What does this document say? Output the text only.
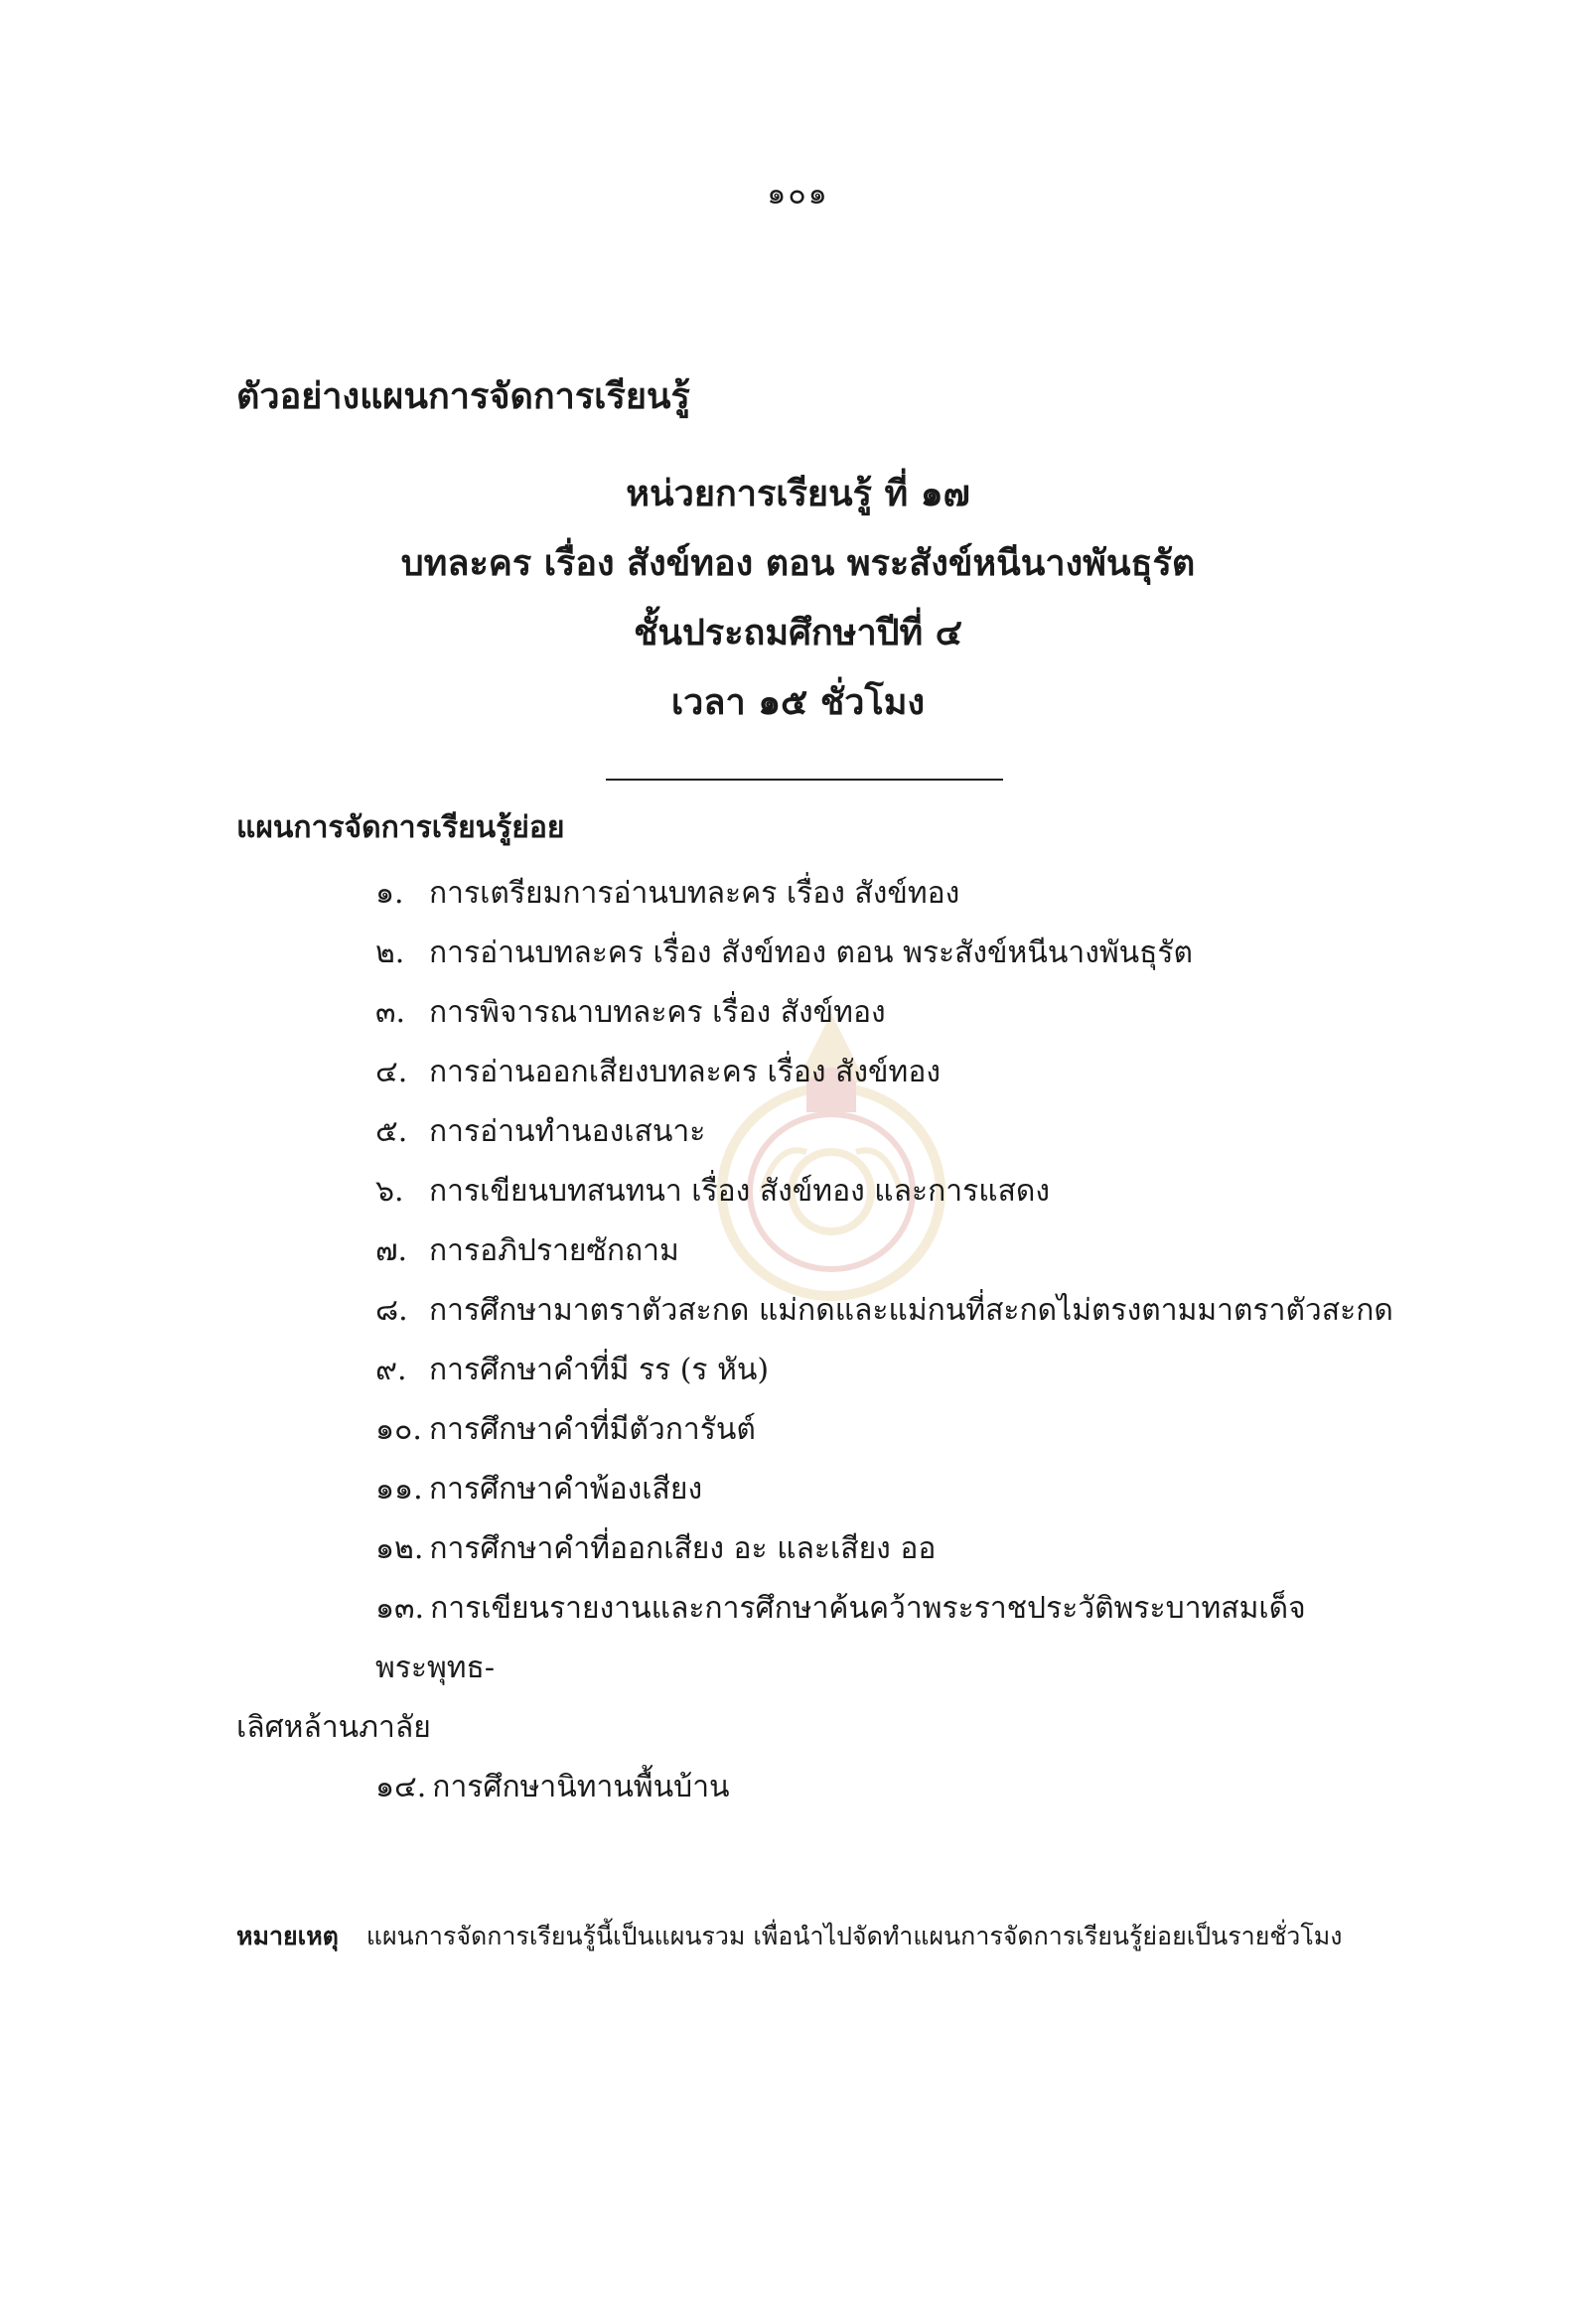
๑๐๑
ตัวอย่างแผนการจัดการเรียนรู้
หน่วยการเรียนรู้ ที่ ๑๗
บทละคร เรื่อง สังข์ทอง ตอน พระสังข์หนีนางพันธุรัต
ชั้นประถมศึกษาปีที่ ๔
เวลา ๑๕ ชั่วโมง
แผนการจัดการเรียนรู้ย่อย
๑. การเตรียมการอ่านบทละคร เรื่อง สังข์ทอง
๒. การอ่านบทละคร เรื่อง สังข์ทอง ตอน พระสังข์หนีนางพันธุรัต
๓. การพิจารณาบทละคร เรื่อง สังข์ทอง
๔. การอ่านออกเสียงบทละคร เรื่อง สังข์ทอง
๕. การอ่านทำนองเสนาะ
๖. การเขียนบทสนทนา เรื่อง สังข์ทอง และการแสดง
๗. การอภิปรายซักถาม
๘. การศึกษามาตราตัวสะกด แม่กดและแม่กนที่สะกดไม่ตรงตามมาตราตัวสะกด
๙. การศึกษาคำที่มี รร (ร หัน)
๑๐. การศึกษาคำที่มีตัวการันต์
๑๑. การศึกษาคำพ้องเสียง
๑๒. การศึกษาคำที่ออกเสียง อะ และเสียง ออ
๑๓. การเขียนรายงานและการศึกษาค้นคว้าพระราชประวัติพระบาทสมเด็จพระพุทธ-
เลิศหล้านภาลัย
๑๔. การศึกษานิทานพื้นบ้าน
หมายเหตุ แผนการจัดการเรียนรู้นี้เป็นแผนรวม เพื่อนำไปจัดทำแผนการจัดการเรียนรู้ย่อยเป็นรายชั่วโมง
